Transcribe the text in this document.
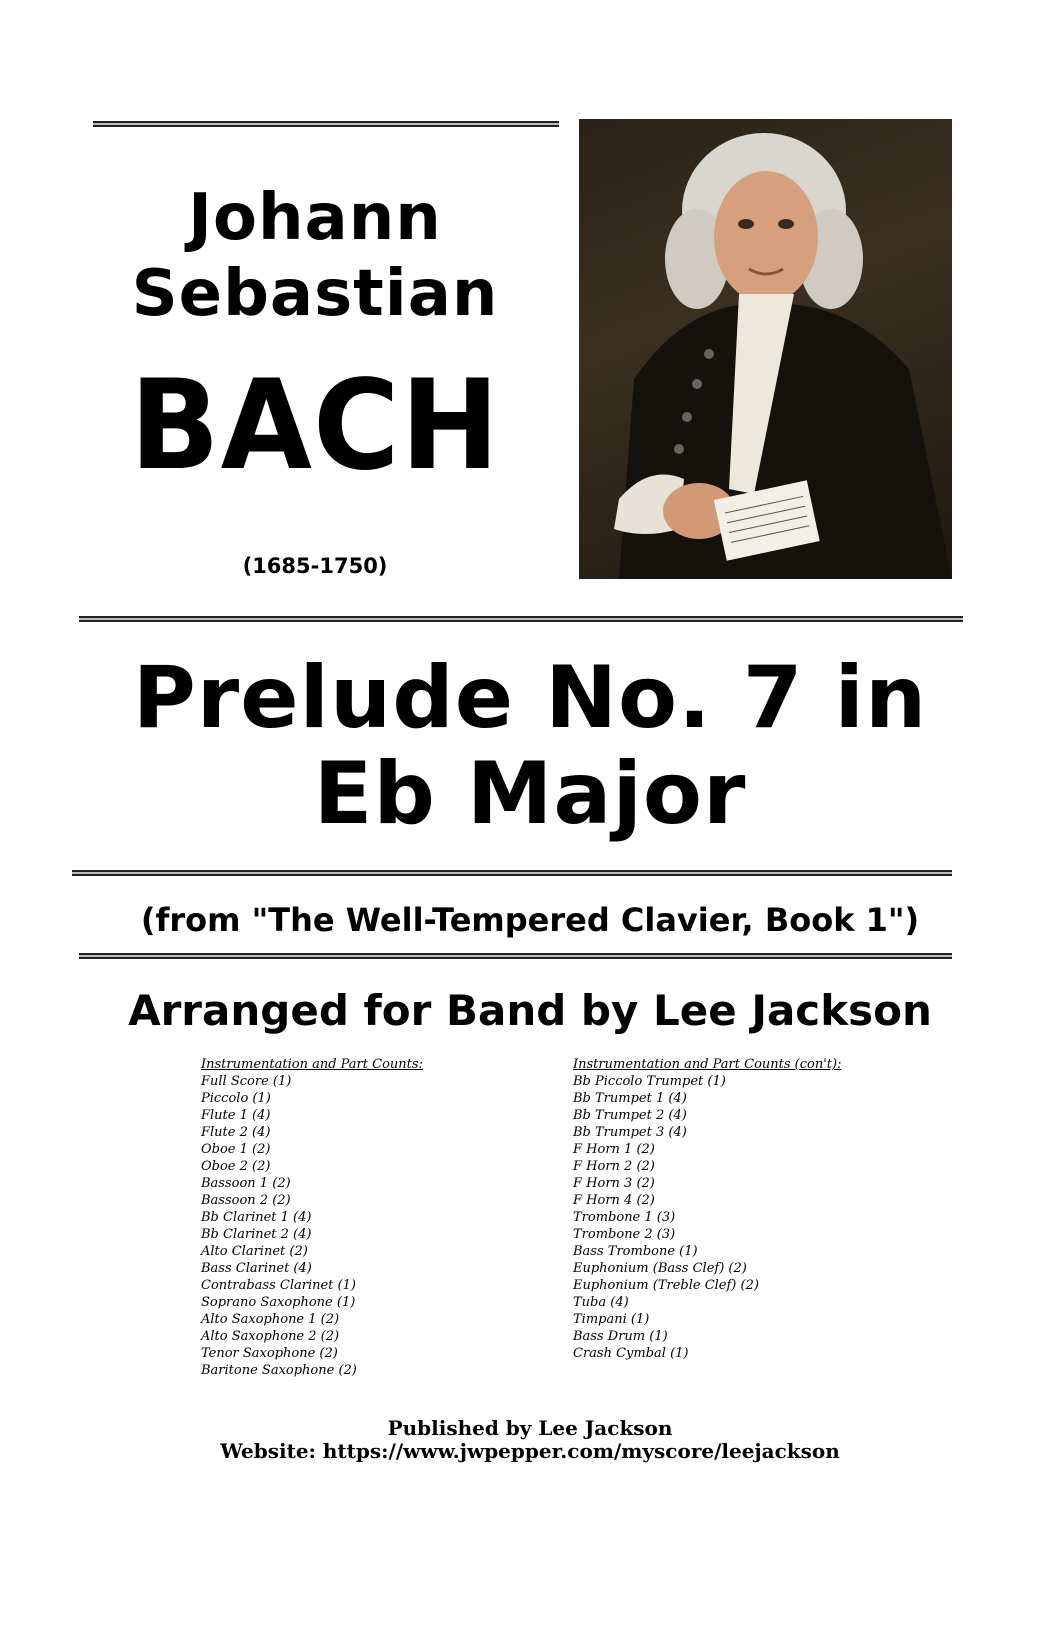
Johann
Sebastian
BACH
(1685-1750)
Prelude No. 7 in
Eb Major
(from "The Well-Tempered Clavier, Book 1")
Arranged for Band by Lee Jackson
Instrumentation and Part Counts:
Full Score (1)
Piccolo (1)
Flute 1 (4)
Flute 2 (4)
Oboe 1 (2)
Oboe 2 (2)
Bassoon 1 (2)
Bassoon 2 (2)
Bb Clarinet 1 (4)
Bb Clarinet 2 (4)
Alto Clarinet (2)
Bass Clarinet (4)
Contrabass Clarinet (1)
Soprano Saxophone (1)
Alto Saxophone 1 (2)
Alto Saxophone 2 (2)
Tenor Saxophone (2)
Baritone Saxophone (2)
Instrumentation and Part Counts (con't):
Bb Piccolo Trumpet (1)
Bb Trumpet 1 (4)
Bb Trumpet 2 (4)
Bb Trumpet 3 (4)
F Horn 1 (2)
F Horn 2 (2)
F Horn 3 (2)
F Horn 4 (2)
Trombone 1 (3)
Trombone 2 (3)
Bass Trombone (1)
Euphonium (Bass Clef) (2)
Euphonium (Treble Clef) (2)
Tuba (4)
Timpani (1)
Bass Drum (1)
Crash Cymbal (1)
Published by Lee Jackson
Website: https://www.jwpepper.com/myscore/leejackson
